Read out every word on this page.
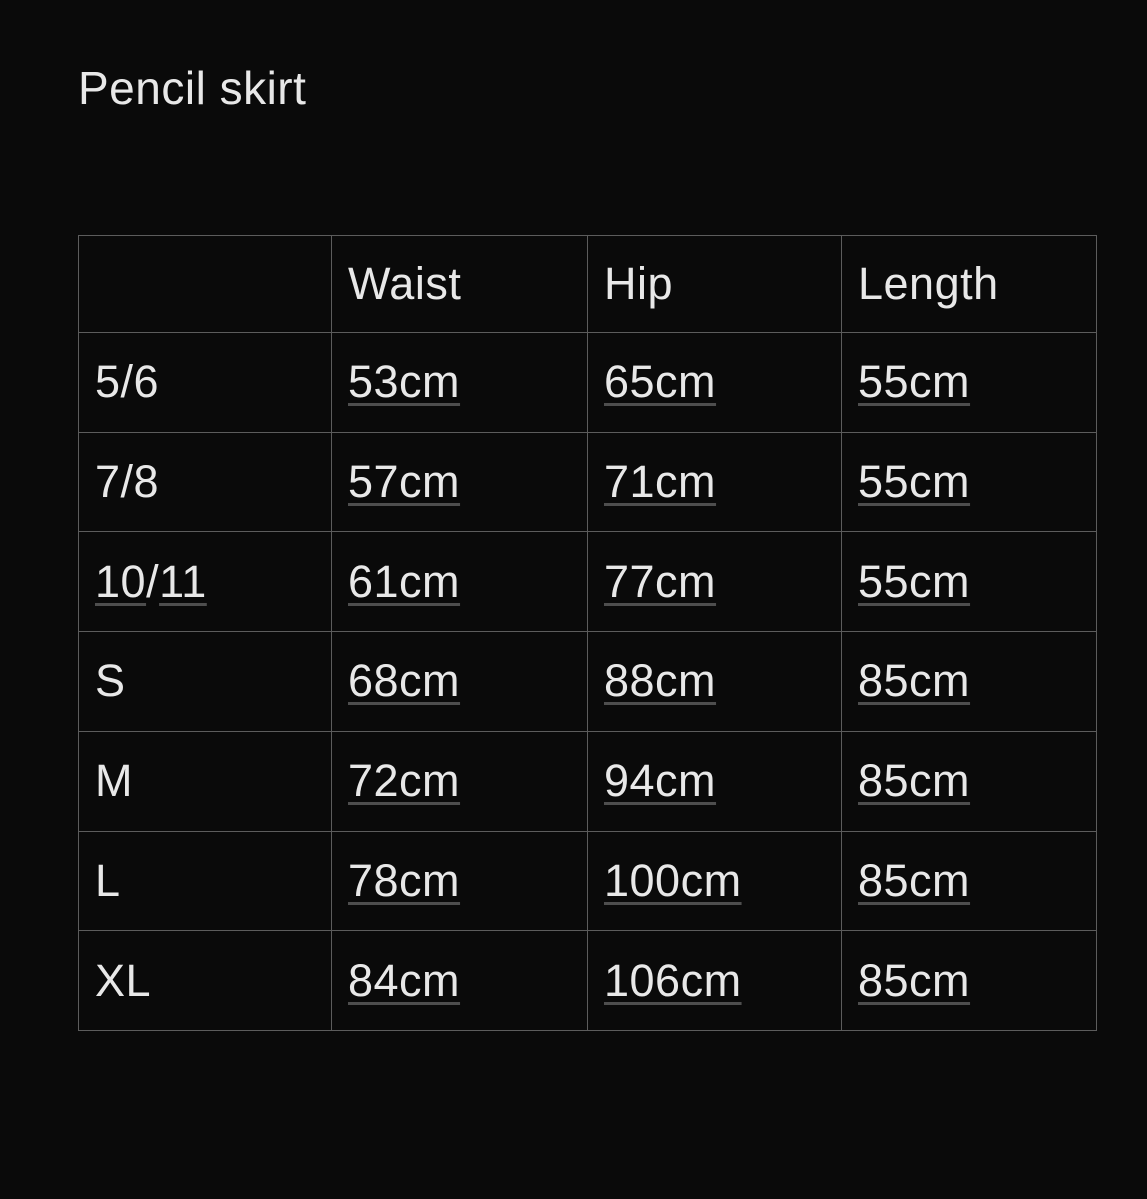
Pencil skirt
	Waist	Hip	Length
5/6	53cm	65cm	55cm
7/8	57cm	71cm	55cm
10/11	61cm	77cm	55cm
S	68cm	88cm	85cm
M	72cm	94cm	85cm
L	78cm	100cm	85cm
XL	84cm	106cm	85cm
